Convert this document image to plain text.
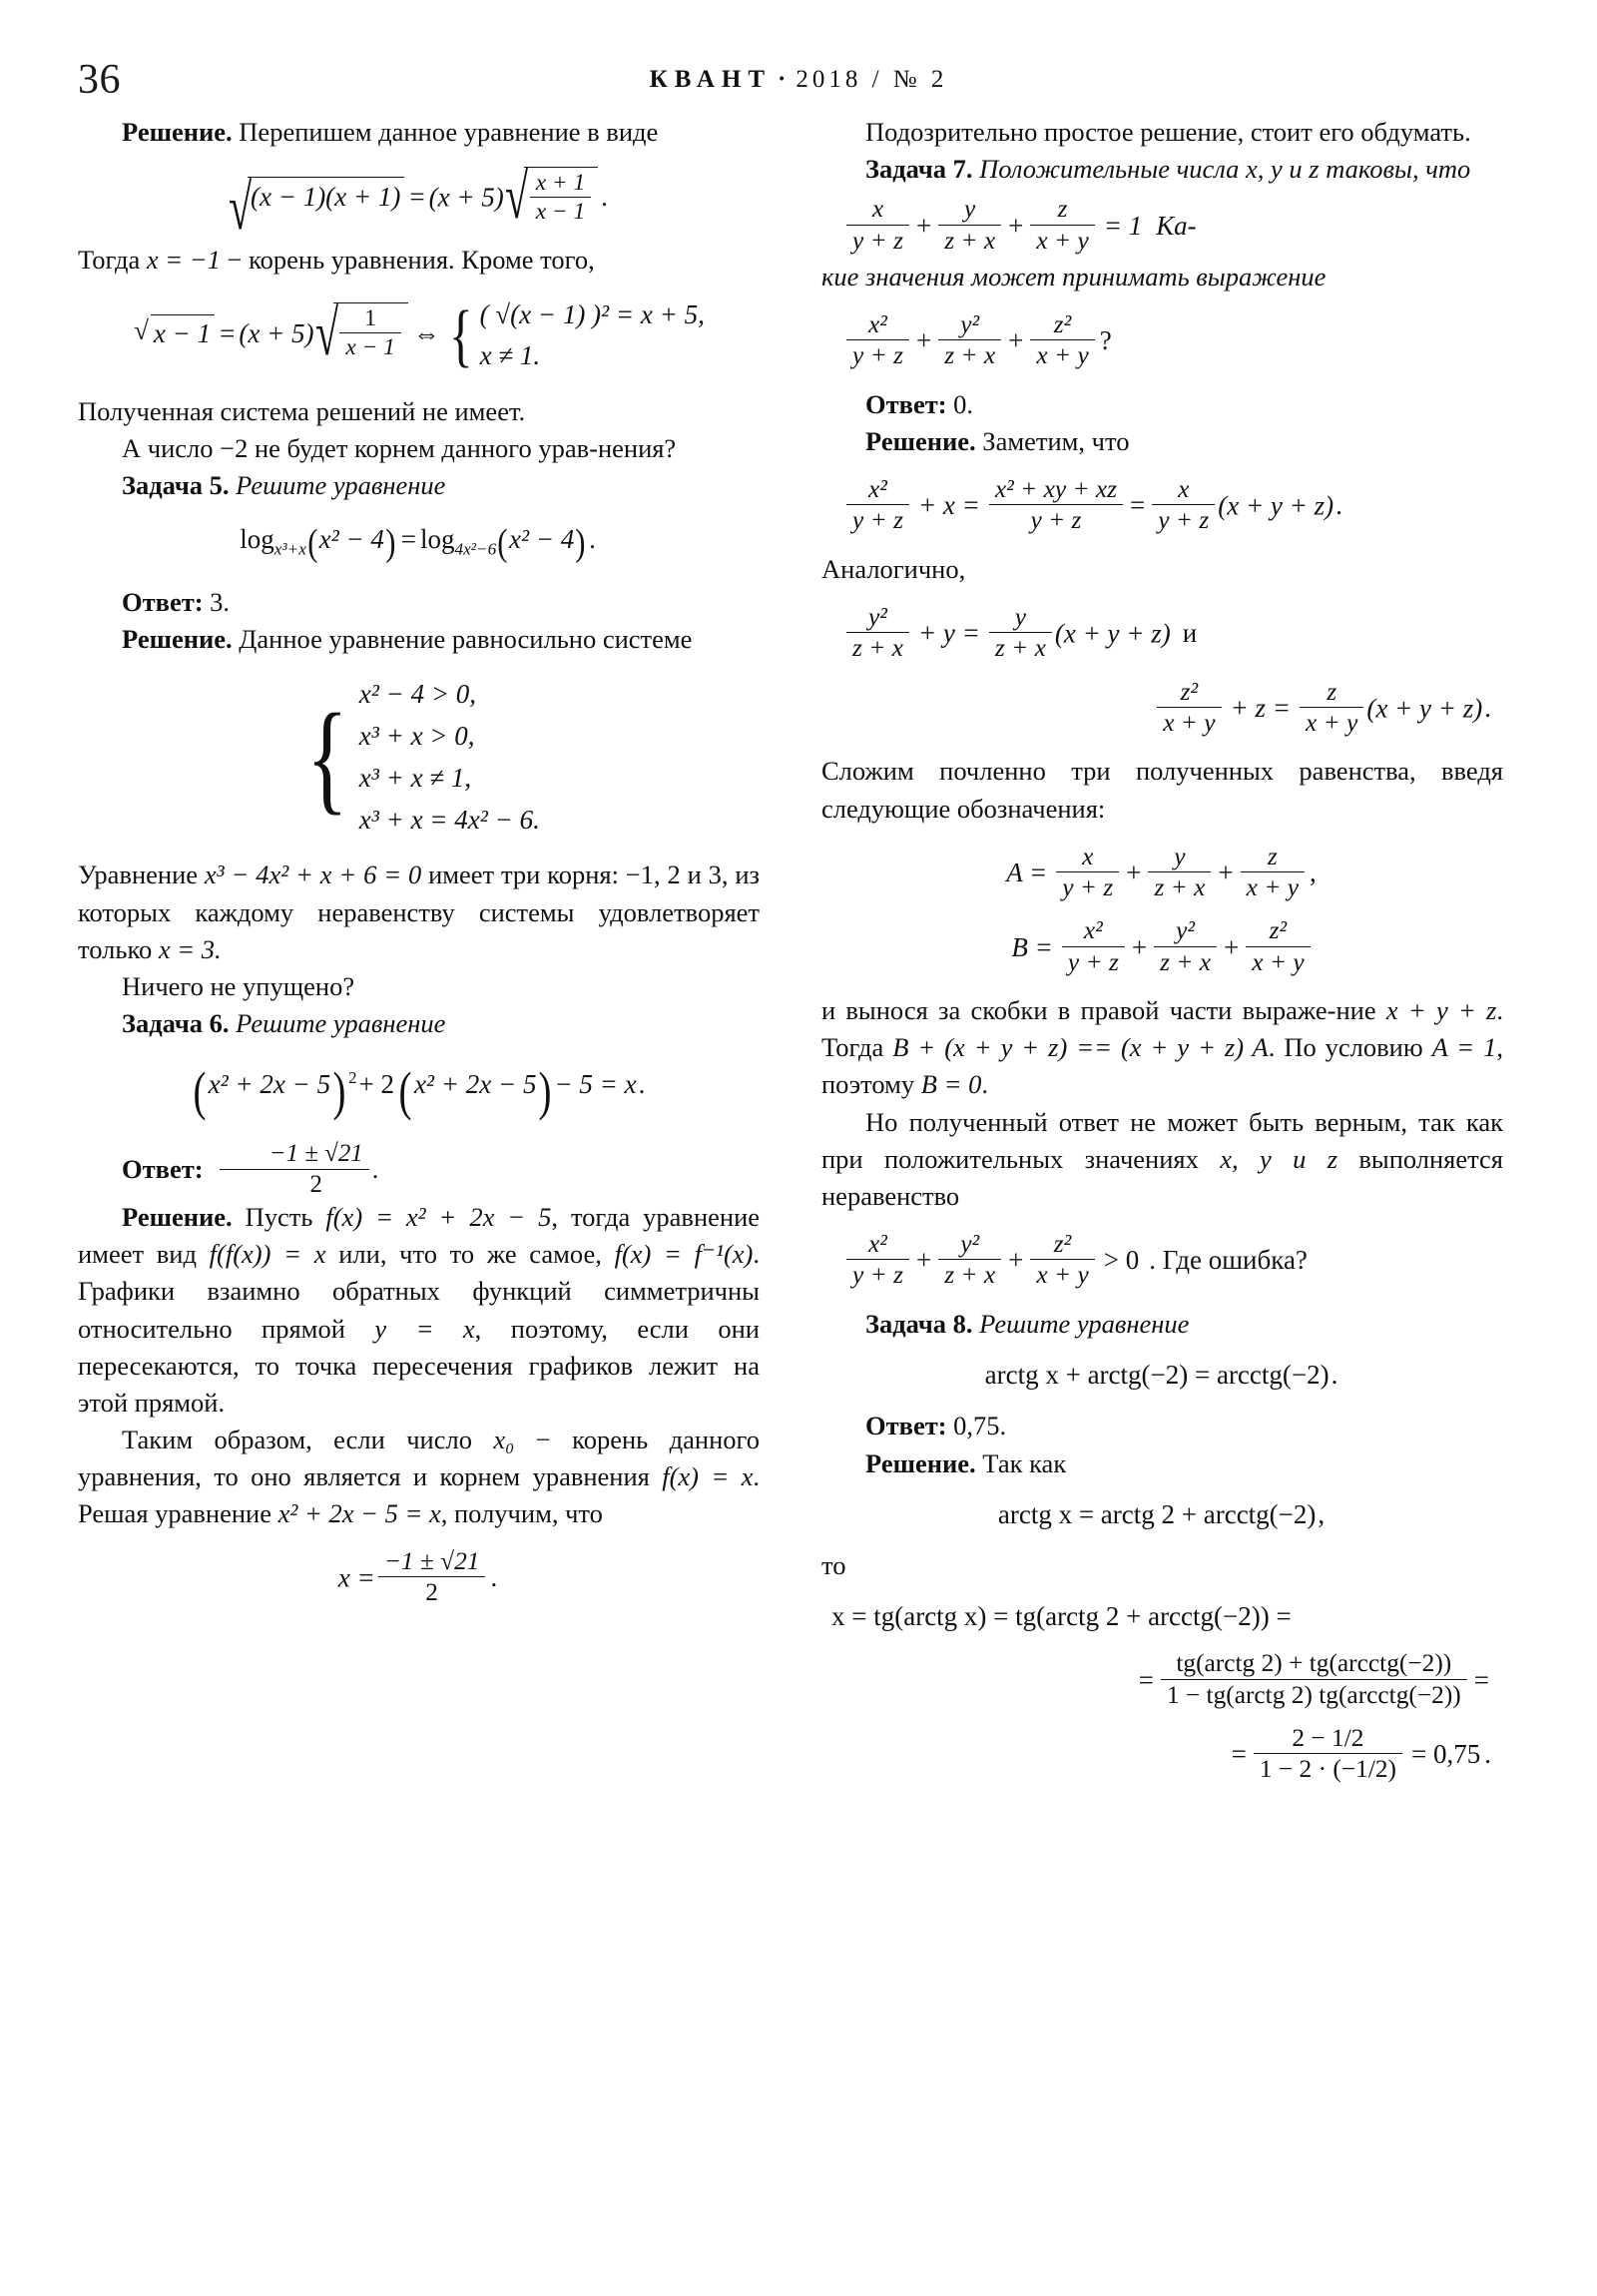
36	КВАНТ · 2018 / № 2

Решение. Перепишем данное уравнение в виде

√ (x − 1)(x + 1) = (x + 5) √ $\frac{x + 1}{x - 1}$ .

Тогда x = −1 − корень уравнения. Кроме того,

√ x − 1 = (x + 5) √ $\frac{1}{x - 1}$ ⇔ { ( √(x − 1) )² = x + 5,
x ≠ 1.

Полученная система решений не имеет.

А число −2 не будет корнем данного урав-нения?

Задача 5. Решите уравнение

$\log_{x^3+x}(x^2 - 4) = \log_{4x^2-6}(x^2 - 4)$ .

Ответ: 3.

Решение. Данное уравнение равносильно системе

{ x² − 4 > 0,
x³ + x > 0,
x³ + x ≠ 1,
x³ + x = 4x² − 6.

Уравнение x³ − 4x² + x + 6 = 0 имеет три корня: −1, 2 и 3, из которых каждому неравенству системы удовлетворяет только x = 3.

Ничего не упущено?

Задача 6. Решите уравнение

(x² + 2x − 5) $^2$+ 2(x² + 2x − 5)− 5 = x.

Ответ: $\frac{-1 \pm √21}{2}$ .

Решение. Пусть f(x) = x² + 2x − 5, тогда уравнение имеет вид f(f(x)) = x или, что то же самое, f(x) = f⁻¹(x). Графики взаимно обратных функций симметричны относительно прямой y = x, поэтому, если они пересекаются, то точка пересечения графиков лежит на этой прямой.

Таким образом, если число x₀ − корень данного уравнения, то оно является и корнем уравнения f(x) = x. Решая уравнение x² + 2x − 5 = x, получим, что

$x = \frac{-1 \pm √21}{2}$ .

Подозрительно простое решение, стоит его обдумать.

Задача 7. Положительные числа x, y и z таковы, что

$\frac{x}{y + z} + \frac{y}{z + x} + \frac{z}{x + y} = 1$ Ка-

кие значения может принимать выражение

$\frac{\text{x²}}{y + z} + \frac{\text{y²}}{z + x} + \frac{\text{z²}}{x + y}$ ?

Ответ: 0.

Решение. Заметим, что

$\frac{\text{x²}}{y + z} + x = \frac{\text{x² + xy + xz}}{y + z} = \frac{x}{y + z} (x + y + z)$.

Аналогично,

$\frac{\text{y²}}{z + x} + y = \frac{y}{z + x} (x + y + z)$ и
$\frac{\text{z²}}{x + y} + z = \frac{z}{x + y} (x + y + z)$.

Сложим почленно три полученных равенства, введя следующие обозначения:

$A = \frac{x}{y + z} + \frac{y}{z + x} + \frac{z}{x + y}$ ,
$B = \frac{\text{x²}}{y + z} + \frac{\text{y²}}{z + x} + \frac{\text{z²}}{x + y}$

и вынося за скобки в правой части выраже-ние x + y + z. Тогда B + (x + y + z) == (x + y + z) A. По условию A = 1, поэтому B = 0.

Но полученный ответ не может быть верным, так как при положительных значениях x, y и z выполняется неравенство

$\frac{\text{x²}}{y + z} + \frac{\text{y²}}{z + x} + \frac{\text{z²}}{x + y} > 0$ . Где ошибка?

Задача 8. Решите уравнение

arctg x + arctg(−2) = arcctg(−2).

Ответ: 0,75.

Решение. Так как

arctg x = arctg 2 + arcctg(−2),

то

x = tg(arctg x) = tg(arctg 2 + arcctg(−2)) =
= $\frac{\text{tg(arctg 2) + tg(arcctg(−2))}}{\text{1 − tg(arctg 2) tg(arcctg(−2))}}$ =
= $\frac{2 - 1/2}{1 - 2 \cdot (-1/2)} = 0,75$ .
